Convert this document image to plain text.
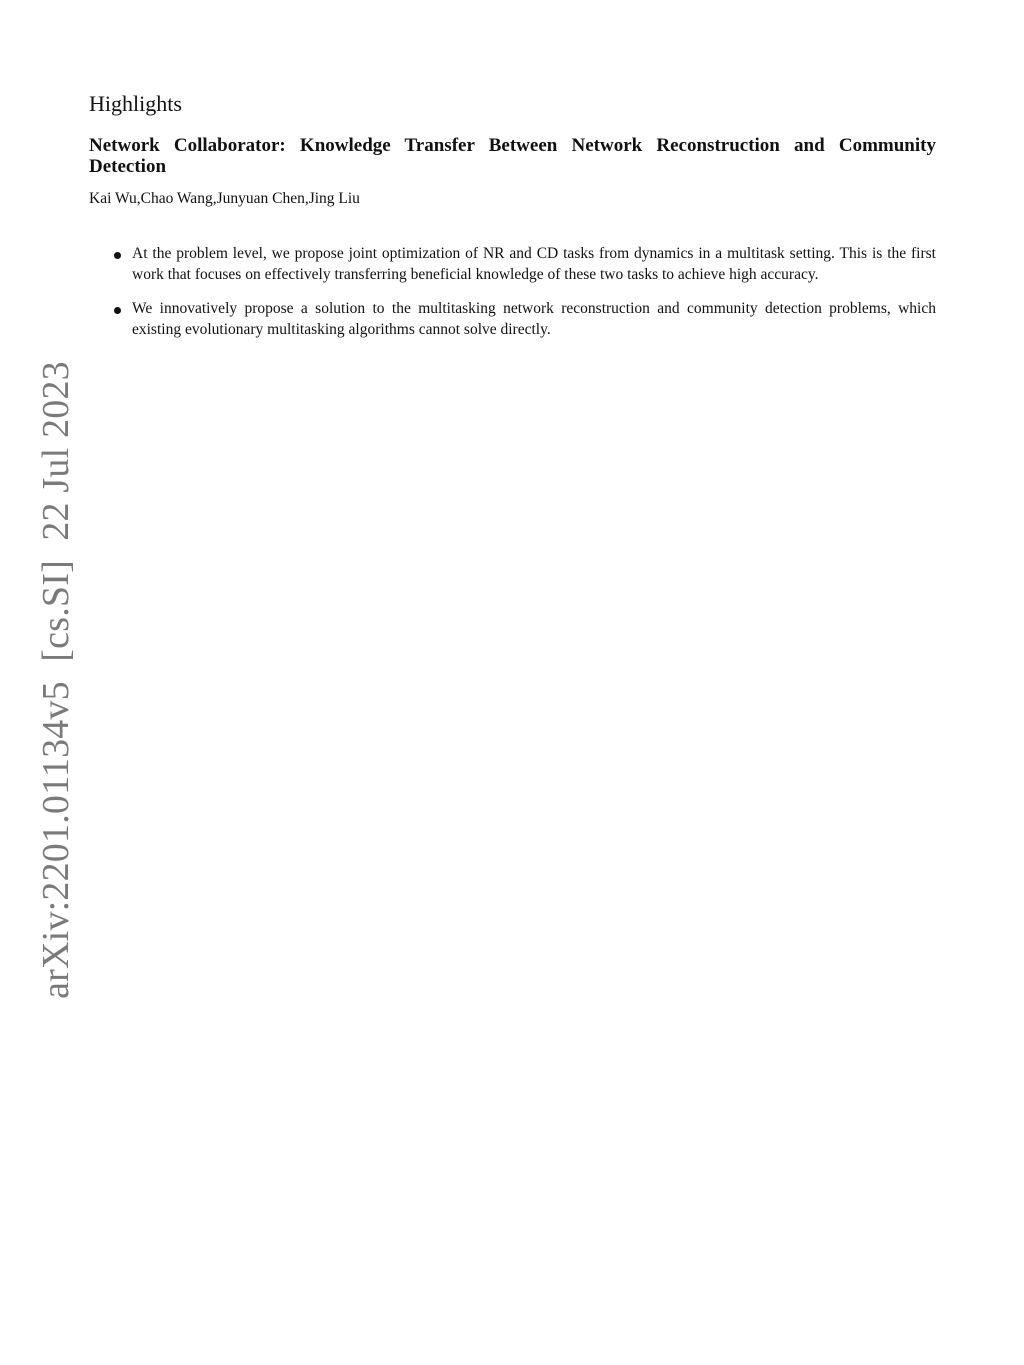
arXiv:2201.01134v5  [cs.SI]  22 Jul 2023
Highlights
Network Collaborator: Knowledge Transfer Between Network Reconstruction and Community Detection
Kai Wu,Chao Wang,Junyuan Chen,Jing Liu
At the problem level, we propose joint optimization of NR and CD tasks from dynamics in a multitask setting. This is the first work that focuses on effectively transferring beneficial knowledge of these two tasks to achieve high accuracy.
We innovatively propose a solution to the multitasking network reconstruction and community detection problems, which existing evolutionary multitasking algorithms cannot solve directly.
